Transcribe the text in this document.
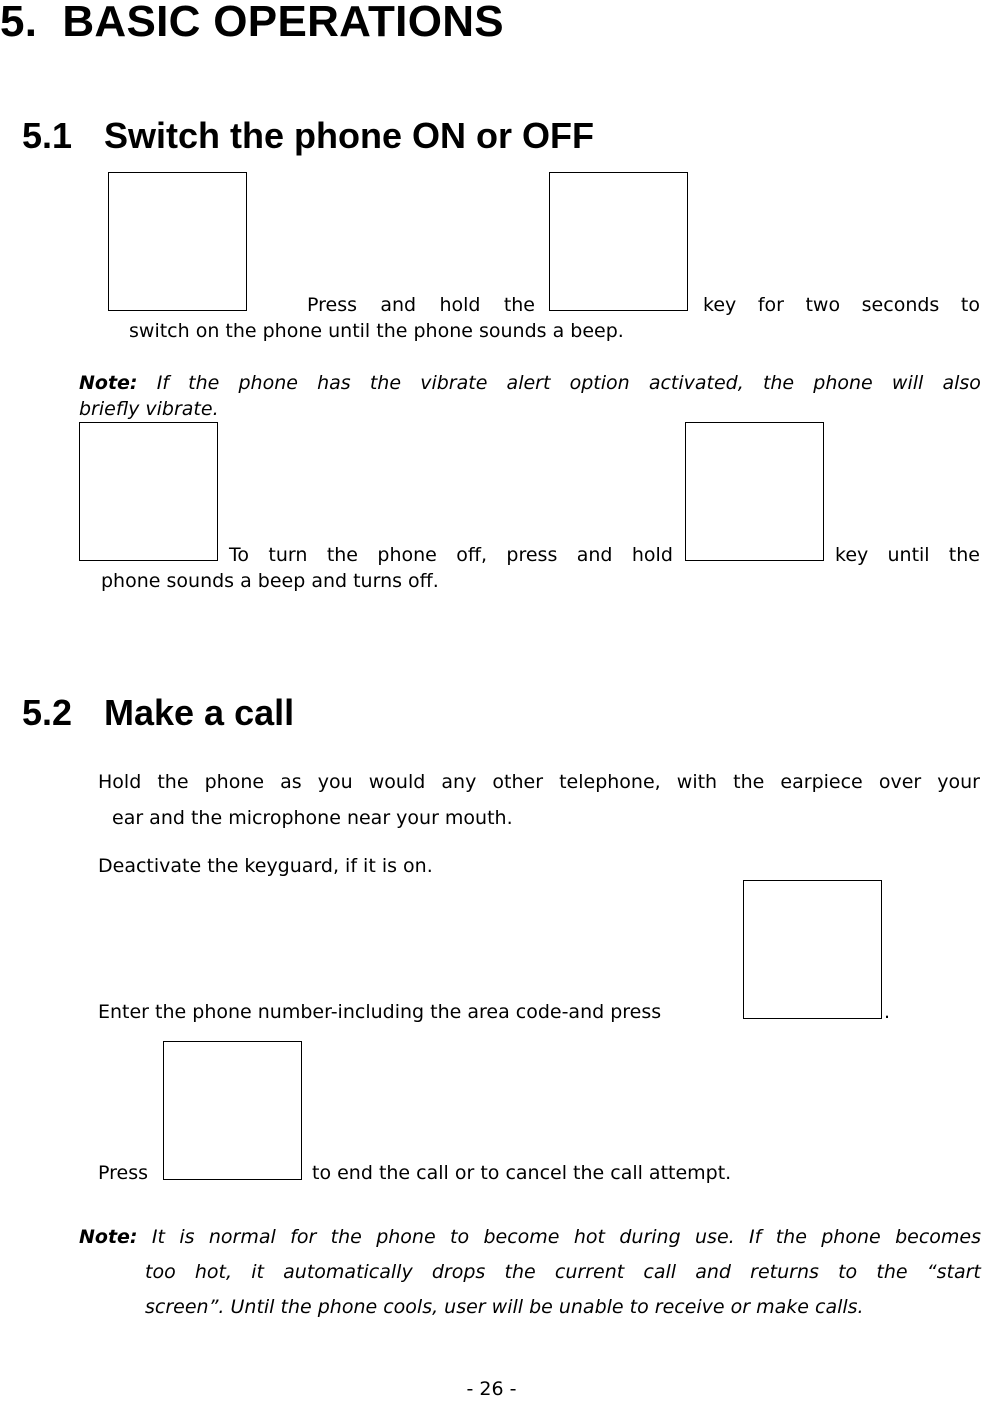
5. BASIC OPERATIONS
5.1 Switch the phone ON or OFF
Press and hold the	key for two seconds to
switch on the phone until the phone sounds a beep.
Note: If the phone has the vibrate alert option activated, the phone will also
briefly vibrate.
To turn the phone off, press and hold	key until the
phone sounds a beep and turns off.
5.2 Make a call
Hold the phone as you would any other telephone, with the earpiece over your
ear and the microphone near your mouth.
Deactivate the keyguard, if it is on.
Enter the phone number-including the area code-and press	.
Press	to end the call or to cancel the call attempt.
Note: It is normal for the phone to become hot during use. If the phone becomes
too hot, it automatically drops the current call and returns to the “start
screen”. Until the phone cools, user will be unable to receive or make calls.
- 26 -
